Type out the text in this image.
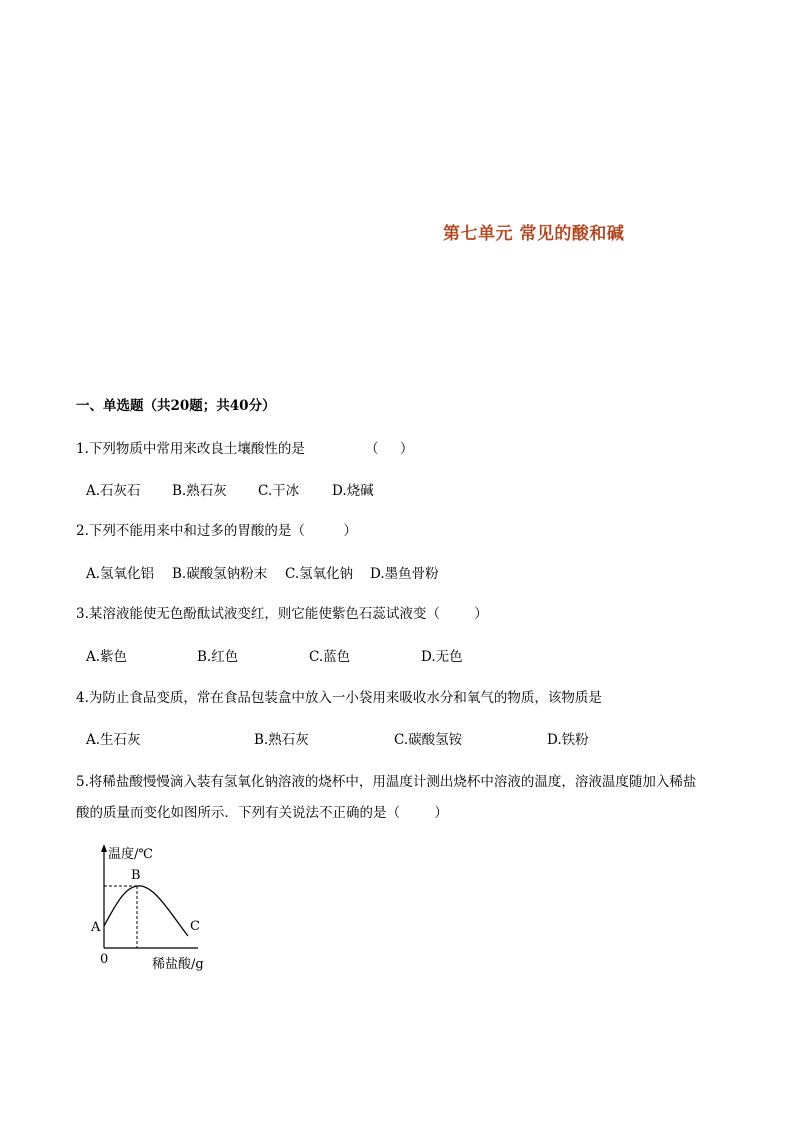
第七单元 常见的酸和碱
一、单选题（共20题；共40分）
1.下列物质中常用来改良土壤酸性的是              （     ）
A.石灰石 B.熟石灰 C.干冰 D.烧碱
2.下列不能用来中和过多的胃酸的是（         ）
A.氢氧化铝 B.碳酸氢钠粉末 C.氢氧化钠 D.墨鱼骨粉
3.某溶液能使无色酚酞试液变红，则它能使紫色石蕊试液变（        ）
A.紫色	B.红色	C.蓝色	D.无色
4.为防止食品变质，常在食品包装盒中放入一小袋用来吸收水分和氧气的物质，该物质是
A.生石灰	B.熟石灰	C.碳酸氢铵	D.铁粉
5.将稀盐酸慢慢滴入装有氢氧化钠溶液的烧杯中，用温度计测出烧杯中溶液的温度，溶液温度随加入稀盐
酸的质量而变化如图所示．下列有关说法不正确的是（        ）
温度/℃
B
A	C
0	稀盐酸/g
